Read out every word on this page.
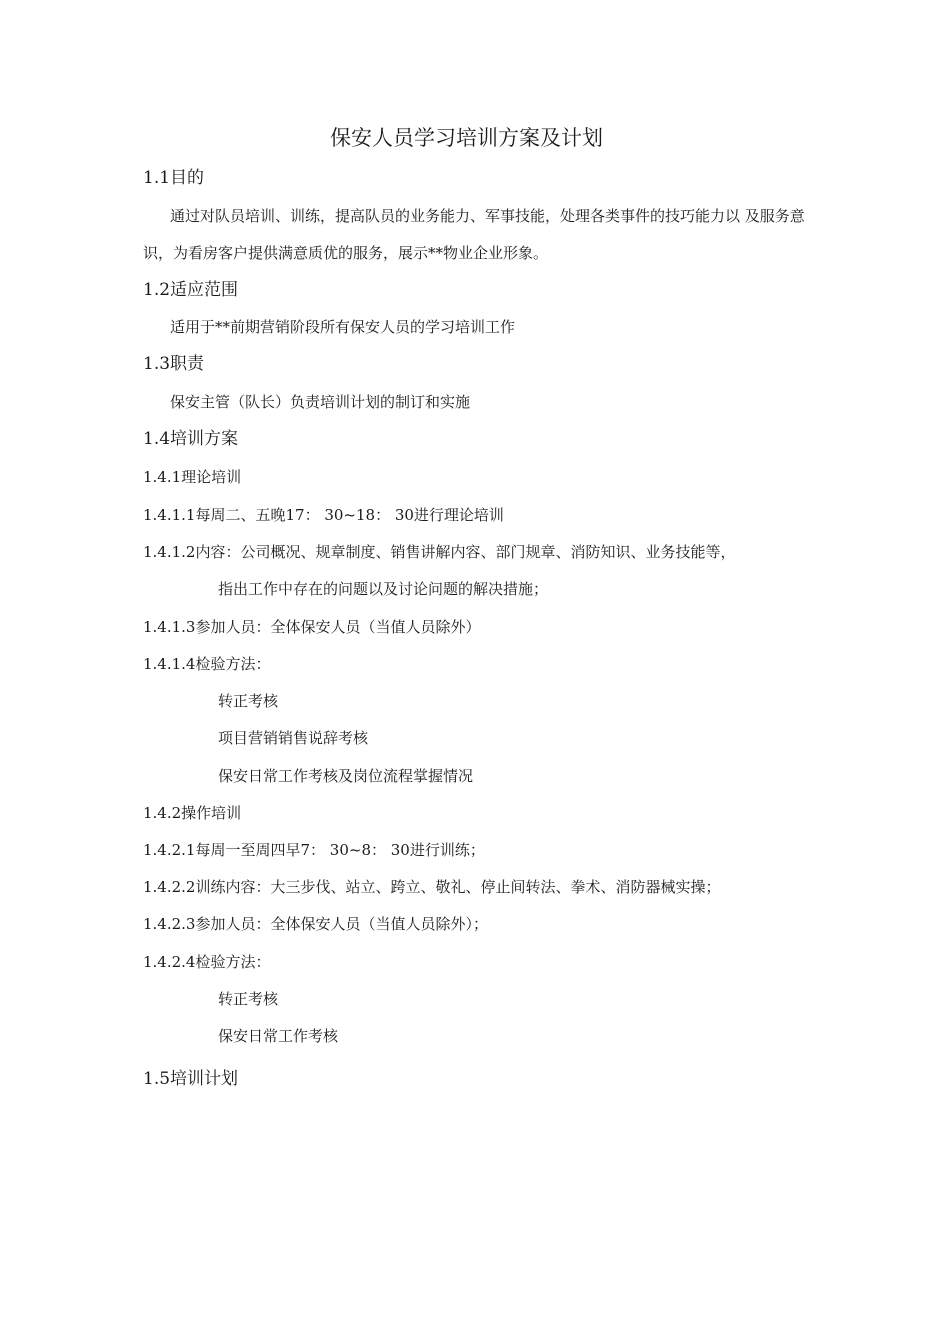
保安人员学习培训方案及计划
1.1目的
通过对队员培训、训练，提高队员的业务能力、军事技能，处理各类事件的技巧能力以 及服务意
识，为看房客户提供满意质优的服务，展示**物业企业形象。
1.2适应范围
适用于**前期营销阶段所有保安人员的学习培训工作
1.3职责
保安主管（队长）负责培训计划的制订和实施
1.4培训方案
1.4.1理论培训
1.4.1.1每周二、五晚17： 30~18： 30进行理论培训
1.4.1.2内容：公司概况、规章制度、销售讲解内容、部门规章、消防知识、业务技能等，
指出工作中存在的问题以及讨论问题的解决措施；
1.4.1.3参加人员：全体保安人员（当值人员除外）
1.4.1.4检验方法：
转正考核
项目营销销售说辞考核
保安日常工作考核及岗位流程掌握情况
1.4.2操作培训
1.4.2.1每周一至周四早7： 30~8： 30进行训练；
1.4.2.2训练内容：大三步伐、站立、跨立、敬礼、停止间转法、拳术、消防器械实操；
1.4.2.3参加人员：全体保安人员（当值人员除外）；
1.4.2.4检验方法：
转正考核
保安日常工作考核
1.5培训计划
